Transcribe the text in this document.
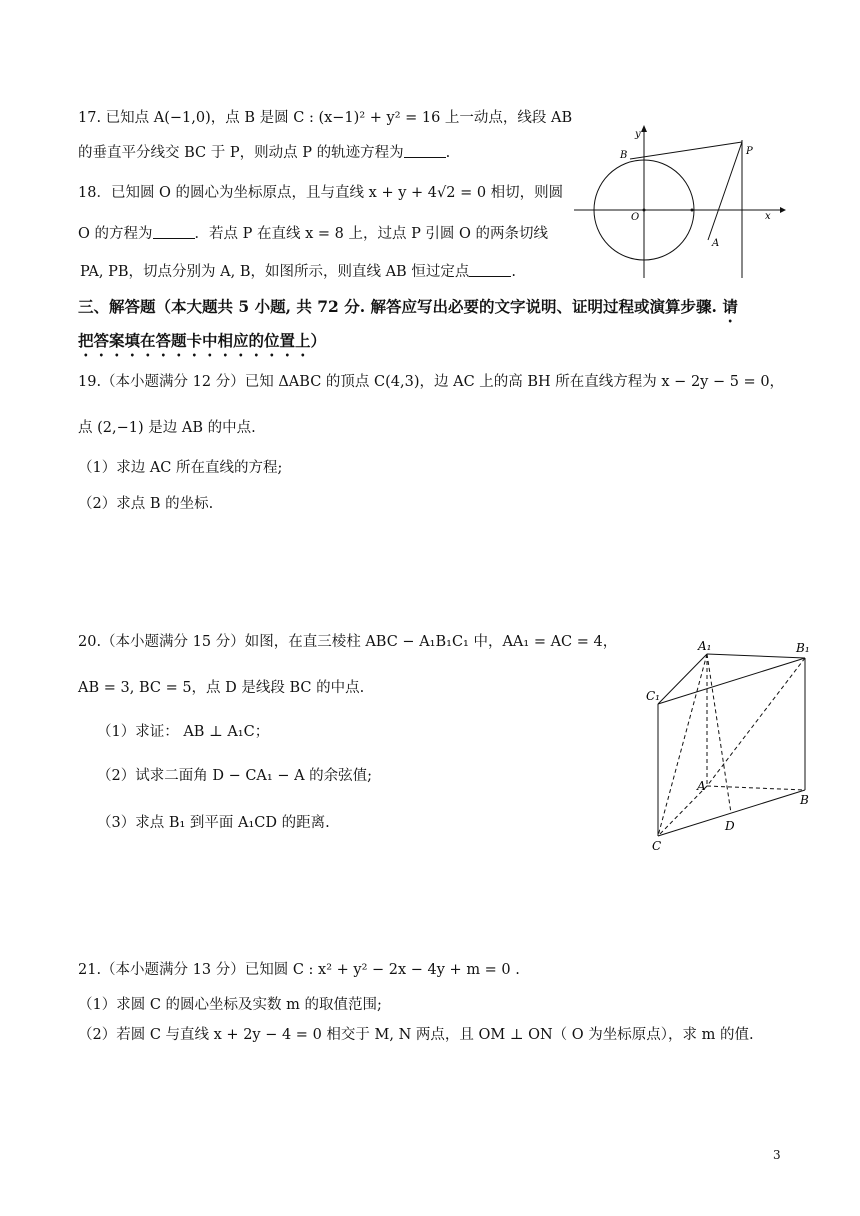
17. 已知点 A(−1,0)，点 B 是圆 C : (x−1)² + y² = 16 上一动点，线段 AB
的垂直平分线交 BC 于 P，则动点 P 的轨迹方程为	.
18．已知圆 O 的圆心为坐标原点，且与直线 x + y + 4√2 = 0 相切，则圆
O 的方程为	．若点 P 在直线 x = 8 上，过点 P 引圆 O 的两条切线
PA, PB，切点分别为 A, B，如图所示，则直线 AB 恒过定点	.
y
x
O
B	P
A
三、解答题（本大题共 5 小题, 共 72 分. 解答应写出必要的文字说明、证明过程或演算步骤. 请
把答案填在答题卡中相应的位置上）
19.（本小题满分 12 分）已知 ΔABC 的顶点 C(4,3)，边 AC 上的高 BH 所在直线方程为 x − 2y − 5 = 0，
点 (2,−1) 是边 AB 的中点.
（1）求边 AC 所在直线的方程;
（2）求点 B 的坐标.
20.（本小题满分 15 分）如图，在直三棱柱 ABC − A₁B₁C₁ 中，AA₁ = AC = 4，
AB = 3, BC = 5，点 D 是线段 BC 的中点.
（1）求证： AB ⊥ A₁C；
（2）试求二面角 D − CA₁ − A 的余弦值;
（3）求点 B₁ 到平面 A₁CD 的距离.
A₁	B₁
C₁
A
B
C
D
21.（本小题满分 13 分）已知圆 C : x² + y² − 2x − 4y + m = 0 .
（1）求圆 C 的圆心坐标及实数 m 的取值范围;
（2）若圆 C 与直线 x + 2y − 4 = 0 相交于 M, N 两点，且 OM ⊥ ON（ O 为坐标原点），求 m 的值.
3
